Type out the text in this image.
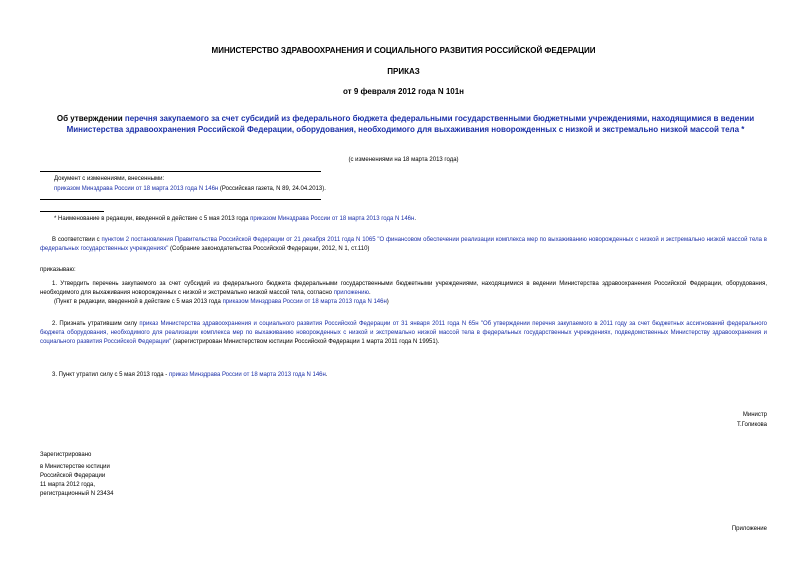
МИНИСТЕРСТВО ЗДРАВООХРАНЕНИЯ И СОЦИАЛЬНОГО РАЗВИТИЯ РОССИЙСКОЙ ФЕДЕРАЦИИ
ПРИКАЗ
от 9 февраля 2012 года N 101н
Об утверждении перечня закупаемого за счет субсидий из федерального бюджета федеральными государственными бюджетными учреждениями, находящимися в ведении Министерства здравоохранения Российской Федерации, оборудования, необходимого для выхаживания новорожденных с низкой и экстремально низкой массой тела *
(с изменениями на 18 марта 2013 года)
Документ с изменениями, внесенными:
приказом Минздрава России от 18 марта 2013 года N 146н (Российская газета, N 89, 24.04.2013).
* Наименование в редакции, введенной в действие с 5 мая 2013 года приказом Минздрава России от 18 марта 2013 года N 146н.
В соответствии с пунктом 2 постановления Правительства Российской Федерации от 21 декабря 2011 года N 1065 "О финансовом обеспечении реализации комплекса мер по выхаживанию новорожденных с низкой и экстремально низкой массой тела в федеральных государственных учреждениях" (Собрание законодательства Российской Федерации, 2012, N 1, ст.110)
приказываю:
1. Утвердить перечень закупаемого за счет субсидий из федерального бюджета федеральными государственными бюджетными учреждениями, находящимися в ведении Министерства здравоохранения Российской Федерации, оборудования, необходимого для выхаживания новорожденных с низкой и экстремально низкой массой тела, согласно приложению.
(Пункт в редакции, введенной в действие с 5 мая 2013 года приказом Минздрава России от 18 марта 2013 года N 146н)
2. Признать утратившим силу приказ Министерства здравоохранения и социального развития Российской Федерации от 31 января 2011 года N 65н "Об утверждении перечня закупаемого в 2011 году за счет бюджетных ассигнований федерального бюджета оборудования, необходимого для реализации комплекса мер по выхаживанию новорожденных с низкой и экстремально низкой массой тела в федеральных государственных учреждениях, подведомственных Министерству здравоохранения и социального развития Российской Федерации" (зарегистрирован Министерством юстиции Российской Федерации 1 марта 2011 года N 19951).
3. Пункт утратил силу с 5 мая 2013 года - приказ Минздрава России от 18 марта 2013 года N 146н.
Министр
Т.Голикова
Зарегистрировано
в Министерстве юстиции
Российской Федерации
11 марта 2012 года,
регистрационный N 23434
Приложение
